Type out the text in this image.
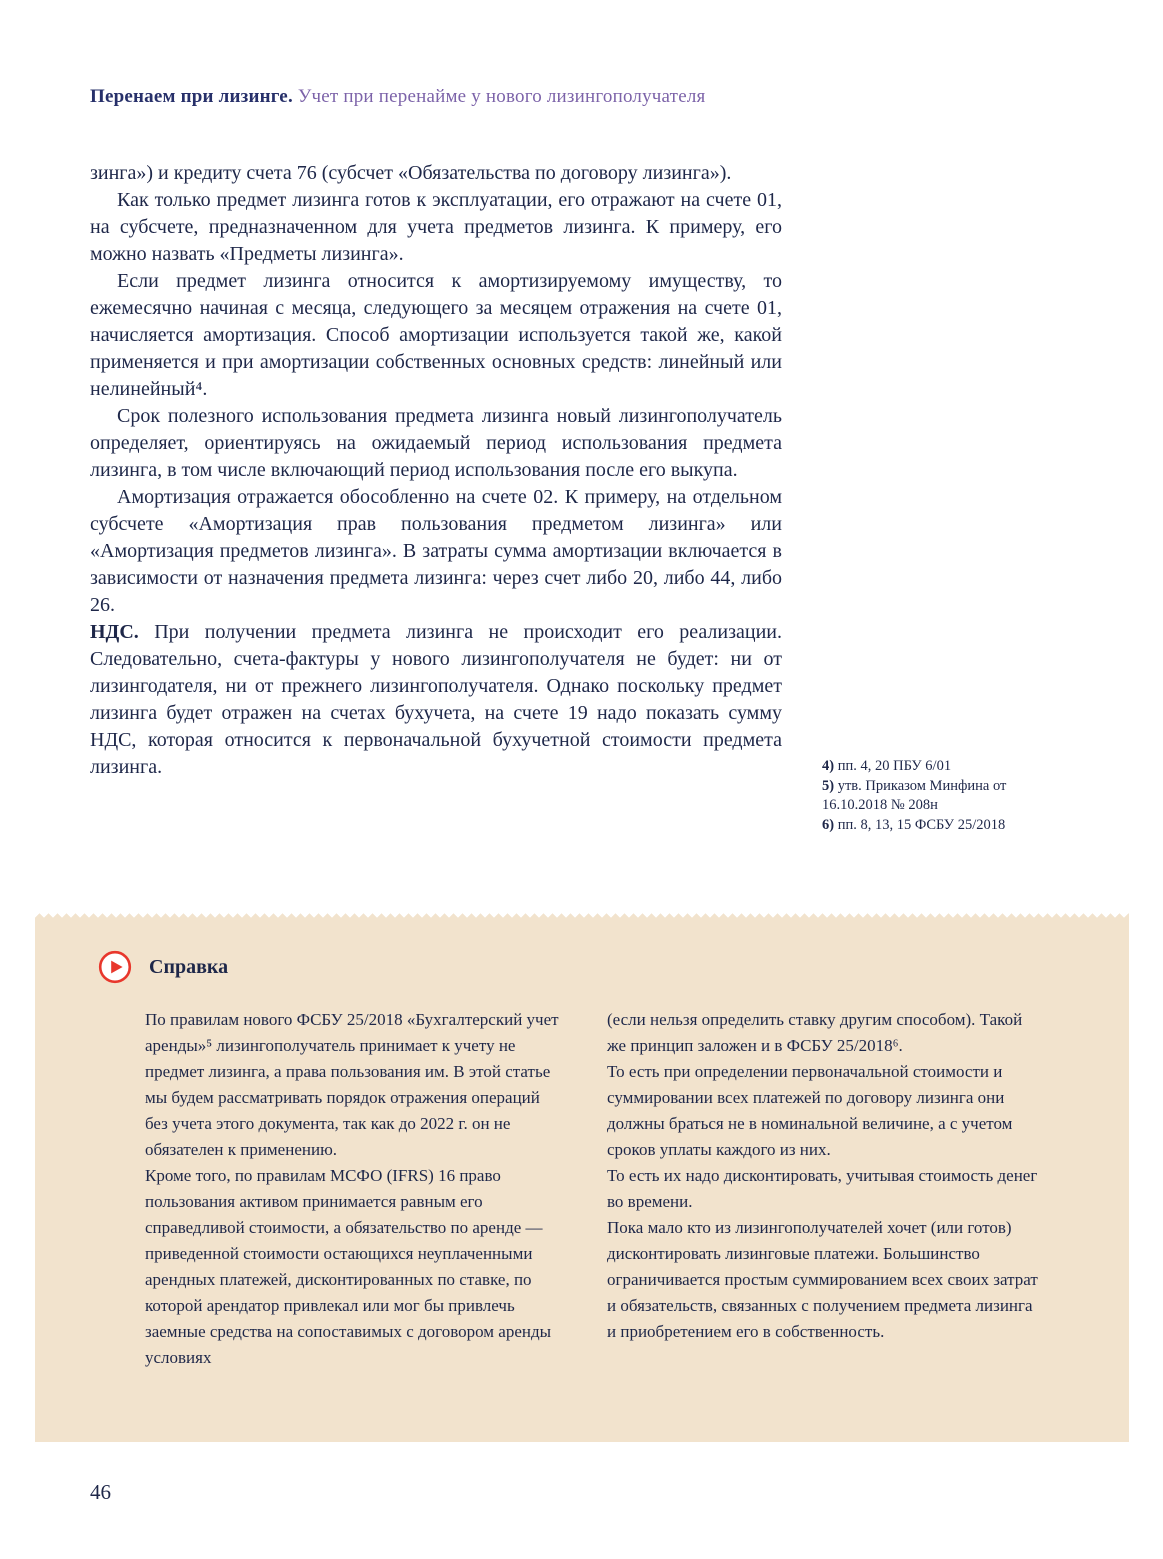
Перенаем при лизинге. Учет при перенайме у нового лизингополучателя

зинга») и кредиту счета 76 (субсчет «Обязательства по договору лизинга»).

Как только предмет лизинга готов к эксплуатации, его отражают на счете 01, на субсчете, предназначенном для учета предметов лизинга. К примеру, его можно назвать «Предметы лизинга».

Если предмет лизинга относится к амортизируемому имуществу, то ежемесячно начиная с месяца, следующего за месяцем отражения на счете 01, начисляется амортизация. Способ амортизации используется такой же, какой применяется и при амортизации собственных основных средств: линейный или нелинейный⁴.

Срок полезного использования предмета лизинга новый лизингополучатель определяет, ориентируясь на ожидаемый период использования предмета лизинга, в том числе включающий период использования после его выкупа.

Амортизация отражается обособленно на счете 02. К примеру, на отдельном субсчете «Амортизация прав пользования предметом лизинга» или «Амортизация предметов лизинга». В затраты сумма амортизации включается в зависимости от назначения предмета лизинга: через счет либо 20, либо 44, либо 26.

НДС. При получении предмета лизинга не происходит его реализации. Следовательно, счета-фактуры у нового лизингополучателя не будет: ни от лизингодателя, ни от прежнего лизингополучателя. Однако поскольку предмет лизинга будет отражен на счетах бухучета, на счете 19 надо показать сумму НДС, которая относится к первоначальной бухучетной стоимости предмета лизинга.	4) пп. 4, 20 ПБУ 6/01
5) утв. Приказом Минфина от 16.10.2018 № 208н
6) пп. 8, 13, 15 ФСБУ 25/2018
Справка

По правилам нового ФСБУ 25/2018 «Бухгалтерский учет аренды»⁵ лизингополучатель принимает к учету не предмет лизинга, а права пользования им. В этой статье мы будем рассматривать порядок отражения операций без учета этого документа, так как до 2022 г. он не обязателен к применению.

Кроме того, по правилам МСФО (IFRS) 16 право пользования активом принимается равным его справедливой стоимости, а обязательство по аренде — приведенной стоимости остающихся неуплаченными арендных платежей, дисконтированных по ставке, по которой арендатор привлекал или мог бы привлечь заемные средства на сопоставимых с договором аренды условиях

(если нельзя определить ставку другим способом). Такой же принцип заложен и в ФСБУ 25/2018⁶.

То есть при определении первоначальной стоимости и суммировании всех платежей по договору лизинга они должны браться не в номинальной величине, а с учетом сроков уплаты каждого из них.

То есть их надо дисконтировать, учитывая стоимость денег во времени.

Пока мало кто из лизингополучателей хочет (или готов) дисконтировать лизинговые платежи. Большинство ограничивается простым суммированием всех своих затрат и обязательств, связанных с получением предмета лизинга и приобретением его в собственность.

46
